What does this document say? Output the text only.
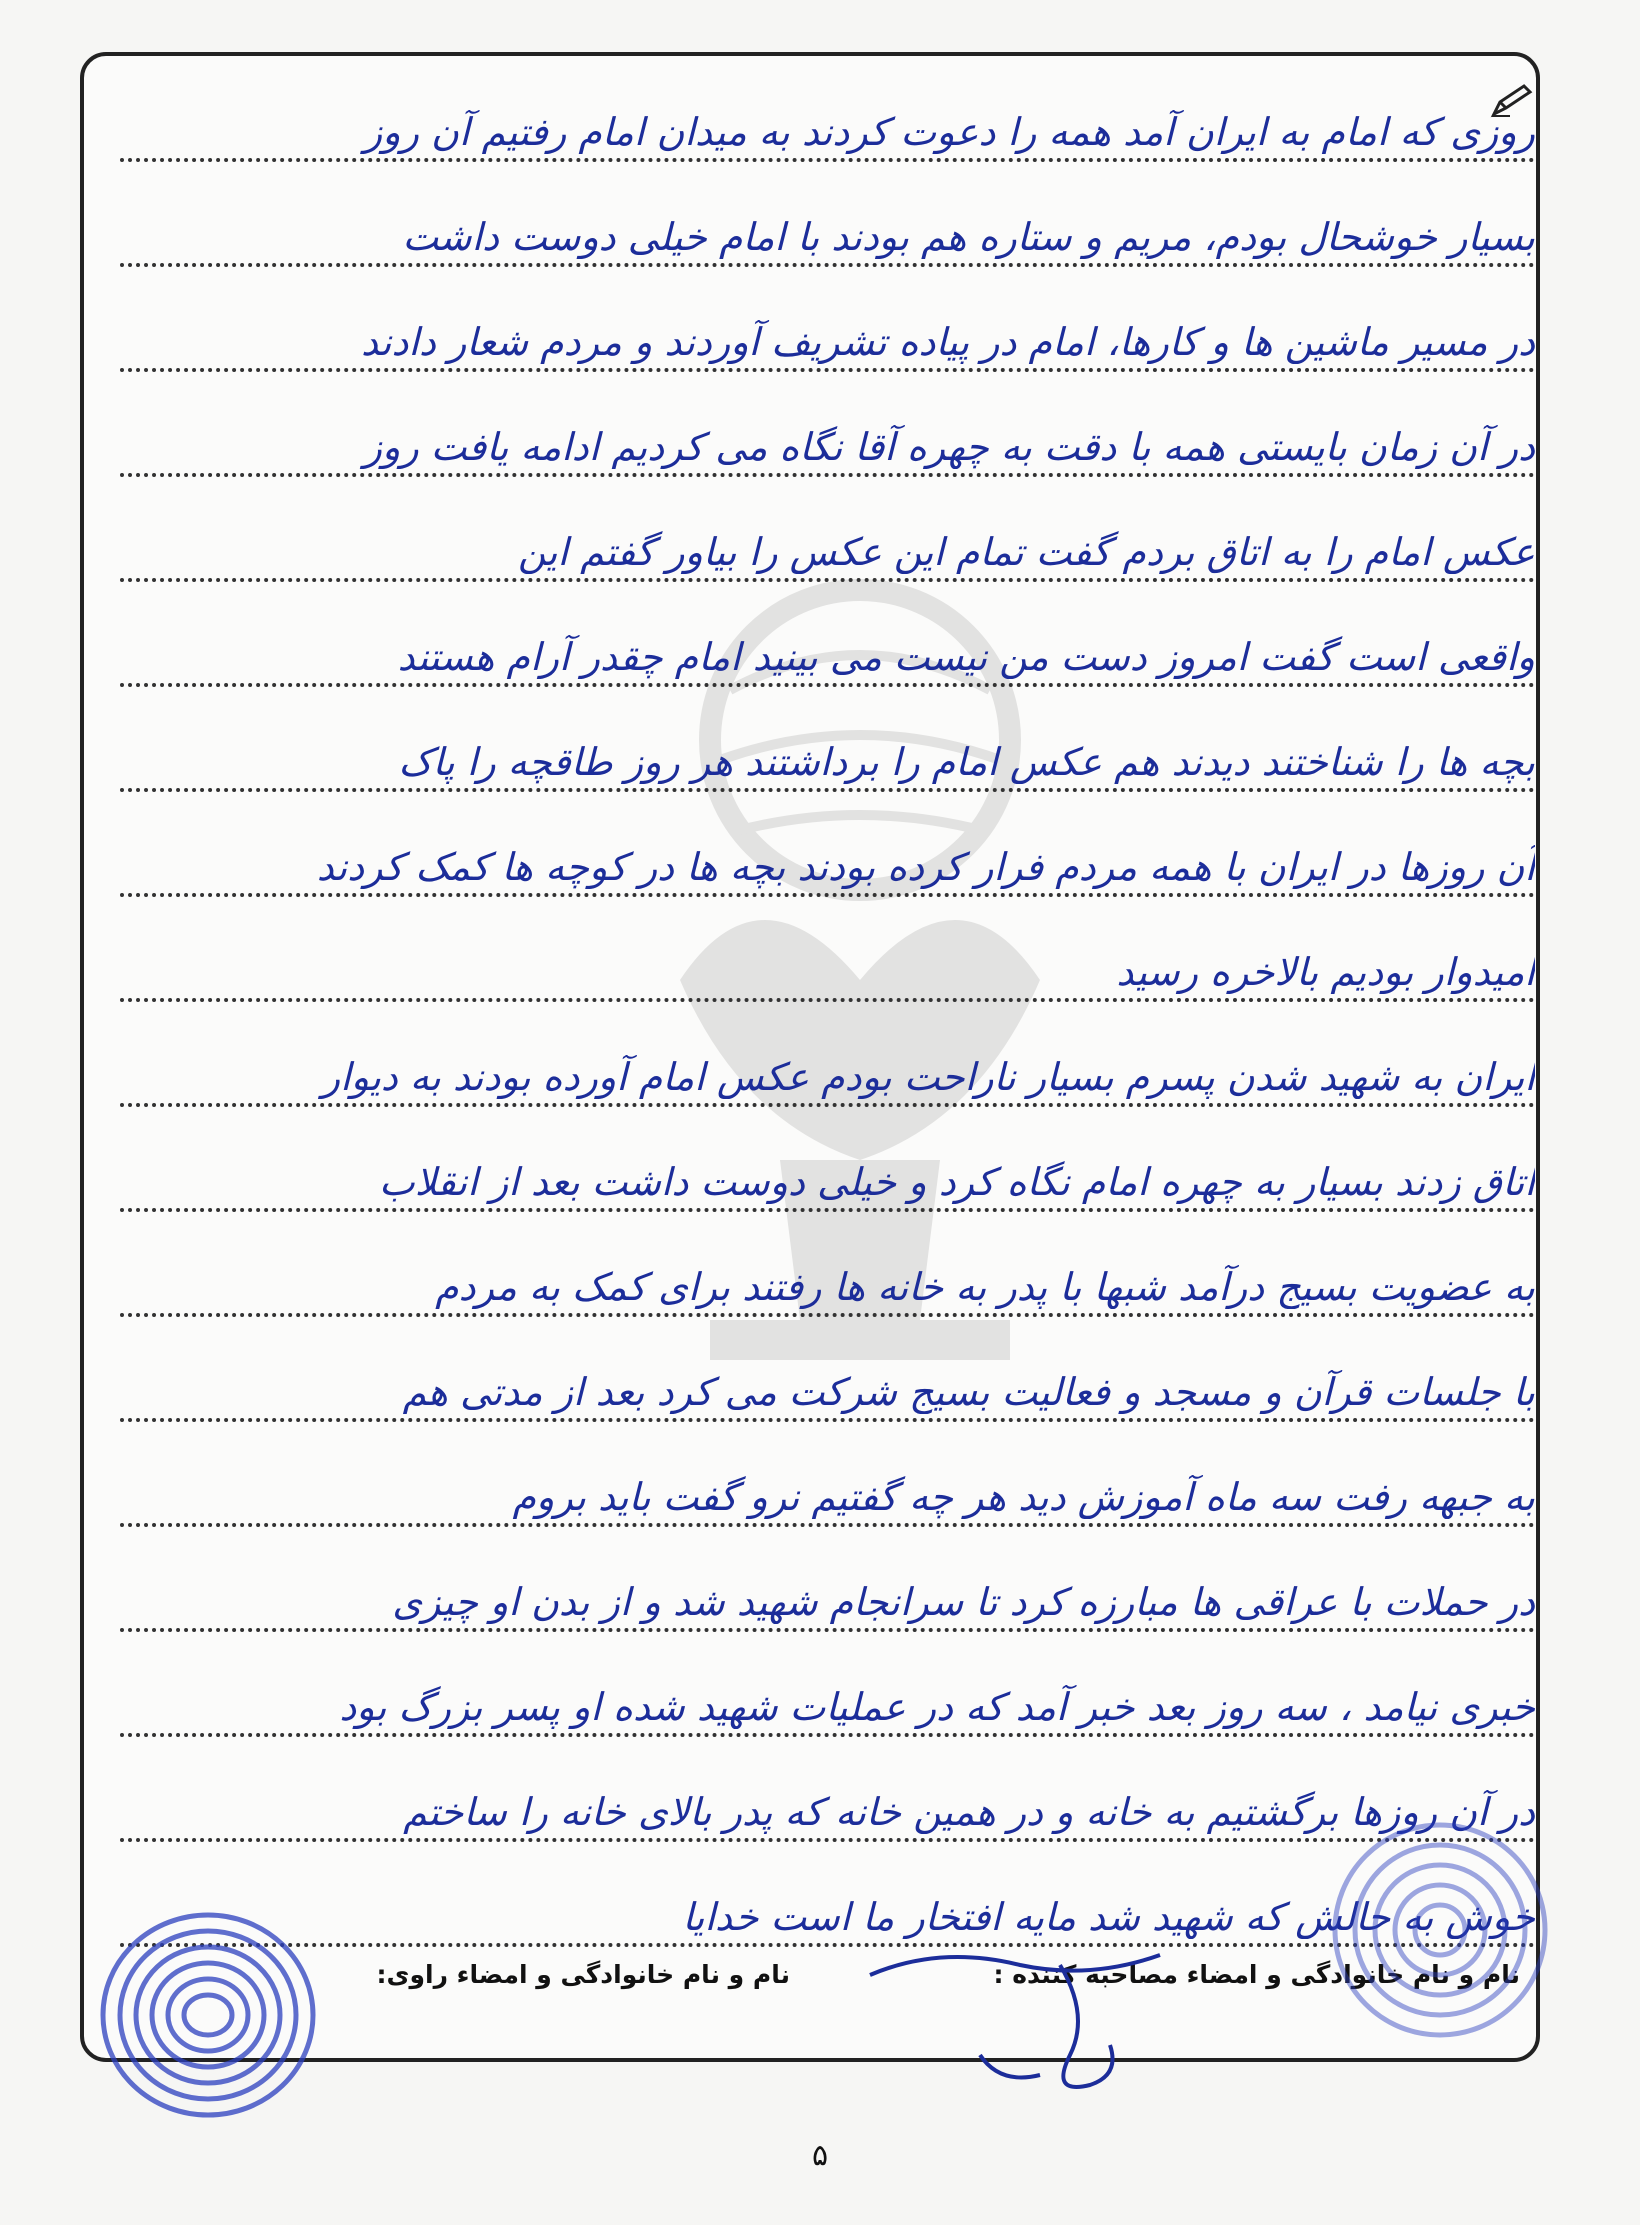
روزی که امام به ایران آمد همه را دعوت کردند به میدان امام رفتیم آن روز
بسیار خوشحال بودم، مریم و ستاره هم بودند با امام خیلی دوست داشت
در مسیر ماشین ها و کارها، امام در پیاده تشریف آوردند و مردم شعار دادند
در آن زمان بایستی همه با دقت به چهره آقا نگاه می کردیم ادامه یافت روز
عکس امام را به اتاق بردم گفت تمام این عکس را بیاور گفتم این
واقعی است گفت امروز دست من نیست می بینید امام چقدر آرام هستند
بچه ها را شناختند دیدند هم عکس امام را برداشتند هر روز طاقچه را پاک
آن روزها در ایران با همه مردم فرار کرده بودند بچه ها در کوچه ها کمک کردند
امیدوار بودیم بالاخره رسید
ایران به شهید شدن پسرم بسیار ناراحت بودم عکس امام آورده بودند به دیوار
اتاق زدند بسیار به چهره امام نگاه کرد و خیلی دوست داشت بعد از انقلاب
به عضویت بسیج درآمد شبها با پدر به خانه ها رفتند برای کمک به مردم
با جلسات قرآن و مسجد و فعالیت بسیج شرکت می کرد بعد از مدتی هم
به جبهه رفت سه ماه آموزش دید هر چه گفتیم نرو گفت باید بروم
در حملات با عراقی ها مبارزه کرد تا سرانجام شهید شد و از بدن او چیزی
خبری نیامد ، سه روز بعد خبر آمد که در عملیات شهید شده او پسر بزرگ بود
در آن روزها برگشتیم به خانه و در همین خانه که پدر بالای خانه را ساختم
خوش به حالش که شهید شد مایه افتخار ما است خدایا
نام و نام خانوادگی و امضاء مصاحبه کننده :
نام و نام خانوادگی و امضاء راوی:
۵
